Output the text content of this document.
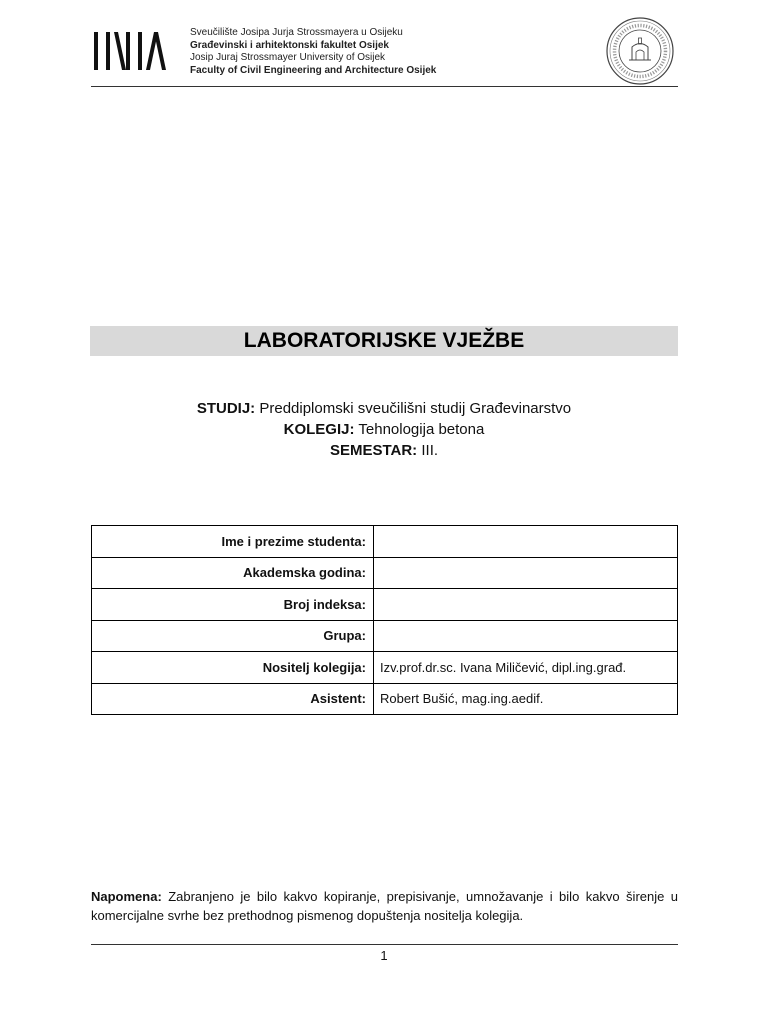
Sveučilište Josipa Jurja Strossmayera u Osijeku
Građevinski i arhitektonski fakultet Osijek
Josip Juraj Strossmayer University of Osijek
Faculty of Civil Engineering and Architecture Osijek
LABORATORIJSKE VJEŽBE
STUDIJ: Preddiplomski sveučilišni studij Građevinarstvo
KOLEGIJ: Tehnologija betona
SEMESTAR: III.
Ime i prezime studenta:	
Akademska godina:	
Broj indeksa:	
Grupa:	
Nositelj kolegija:	Izv.prof.dr.sc. Ivana Miličević, dipl.ing.građ.
Asistent:	Robert Bušić, mag.ing.aedif.
Napomena: Zabranjeno je bilo kakvo kopiranje, prepisivanje, umnožavanje i bilo kakvo širenje u komercijalne svrhe bez prethodnog pismenog dopuštenja nositelja kolegija.
1
